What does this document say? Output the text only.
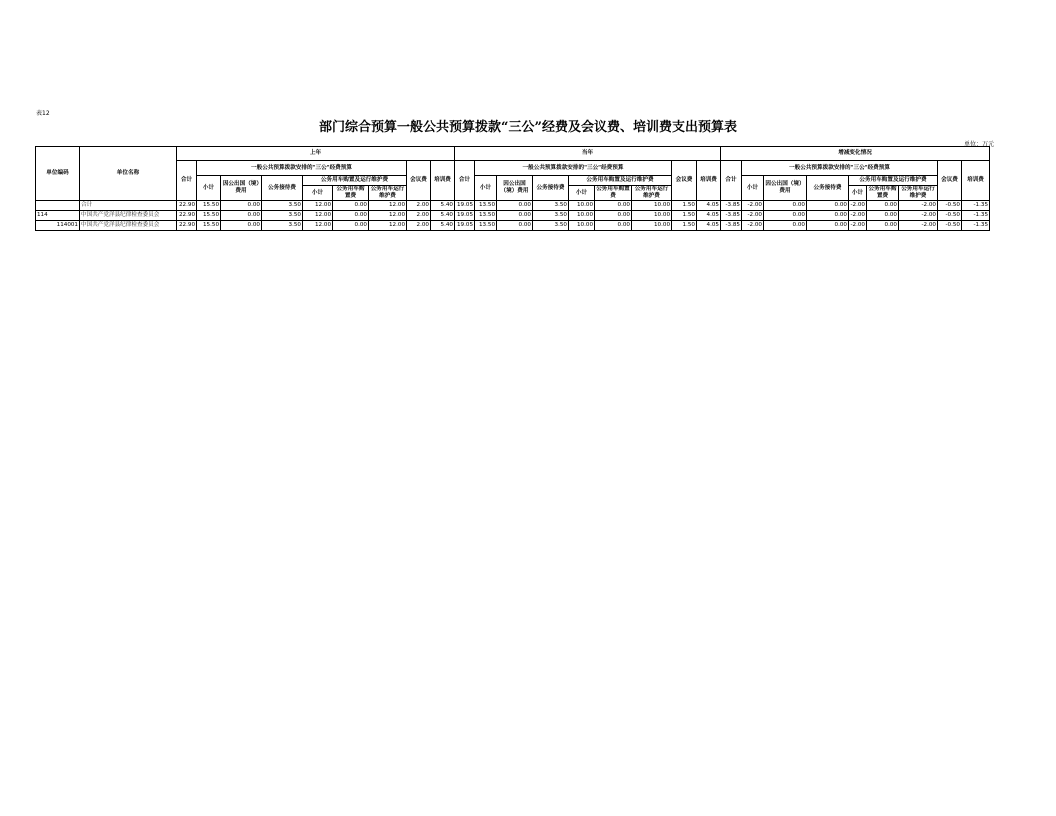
表12
部门综合预算一般公共预算拨款“三公”经费及会议费、培训费支出预算表
单位：万元
单位编码	单位名称	上年									当年									增减变化情况								
		合计	一般公共预算拨款安排的"三公"经费预算						会议费	培训费	合计	一般公共预算拨款安排的"三公"经费预算						会议费	培训费	合计	一般公共预算拨款安排的"三公"经费预算						会议费	培训费
			小计	因公出国（境）费用	公务接待费	公务用车购置及运行维护费						小计	因公出国（境）费用	公务接待费	公务用车购置及运行维护费						小计	因公出国（境）费用	公务接待费	公务用车购置及运行维护费				
						小计	公务用车购置费	公务用车运行维护费							小计	公务用车购置费	公务用车运行维护费							小计	公务用车购置费	公务用车运行维护费		
	合计	22.90	15.50	0.00	3.50	12.00	0.00	12.00	2.00	5.40	19.05	13.50	0.00	3.50	10.00	0.00	10.00	1.50	4.05	-3.85	-2.00	0.00	0.00	-2.00	0.00	-2.00	-0.50	-1.35
114	中国共产党洋县纪律检查委员会	22.90	15.50	0.00	3.50	12.00	0.00	12.00	2.00	5.40	19.05	13.50	0.00	3.50	10.00	0.00	10.00	1.50	4.05	-3.85	-2.00	0.00	0.00	-2.00	0.00	-2.00	-0.50	-1.35
114001	中国共产党洋县纪律检查委员会	22.90	15.50	0.00	3.50	12.00	0.00	12.00	2.00	5.40	19.05	13.50	0.00	3.50	10.00	0.00	10.00	1.50	4.05	-3.85	-2.00	0.00	0.00	-2.00	0.00	-2.00	-0.50	-1.35
